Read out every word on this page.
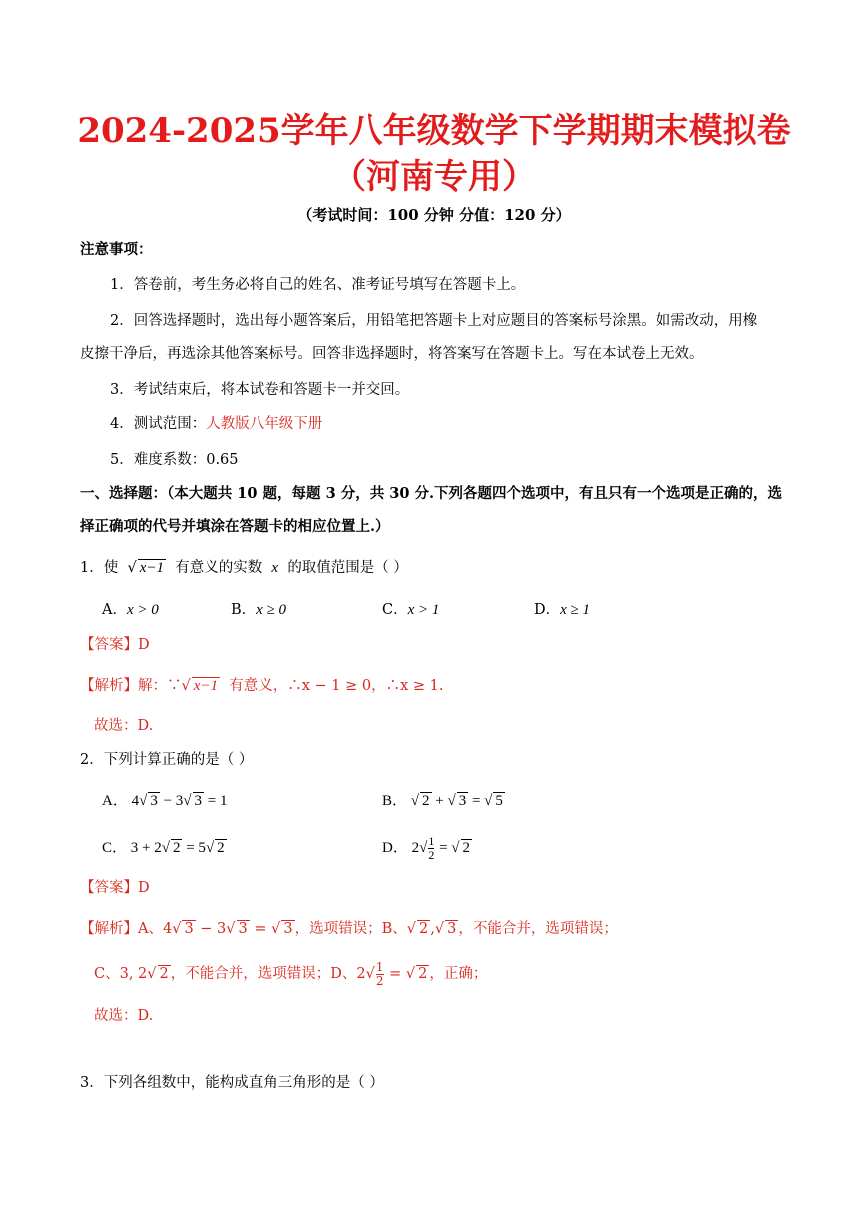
2024-2025学年八年级数学下学期期末模拟卷
（河南专用）
（考试时间：100 分钟 分值：120 分）
注意事项：
1．答卷前，考生务必将自己的姓名、准考证号填写在答题卡上。
2．回答选择题时，选出每小题答案后，用铅笔把答题卡上对应题目的答案标号涂黑。如需改动，用橡
皮擦干净后，再选涂其他答案标号。回答非选择题时，将答案写在答题卡上。写在本试卷上无效。
3．考试结束后，将本试卷和答题卡一并交回。
4．测试范围：人教版八年级下册
5．难度系数：0.65
一、选择题：（本大题共 10 题，每题 3 分，共 30 分.下列各题四个选项中，有且只有一个选项是正确的，选
择正确项的代号并填涂在答题卡的相应位置上.）
1．使  √ x−1 有意义的实数 x 的取值范围是（ ）
A．x > 0	B．x ≥ 0	C．x > 1	D．x ≥ 1
【答案】D
【解析】解：∵√ x−1 有意义，∴x − 1 ≥ 0，∴x ≥ 1.
故选：D.
2．下列计算正确的是（ ）
A． 4√ 3 − 3√ 3 = 1	B． √ 2 + √ 3 = √ 5
C． 3 + 2√ 2 = 5√ 2	D． $2√ \frac{1}{2}$ = √ 2
【答案】D
【解析】A、4√ 3 − 3√ 3 = √ 3 ，选项错误；B、√ 2 ,√ 3 ，不能合并，选项错误；
C、3, 2√ 2 ，不能合并，选项错误；D、$2√ \frac{1}{2}$ = √ 2 ，正确；
故选：D.
3．下列各组数中，能构成直角三角形的是（ ）
